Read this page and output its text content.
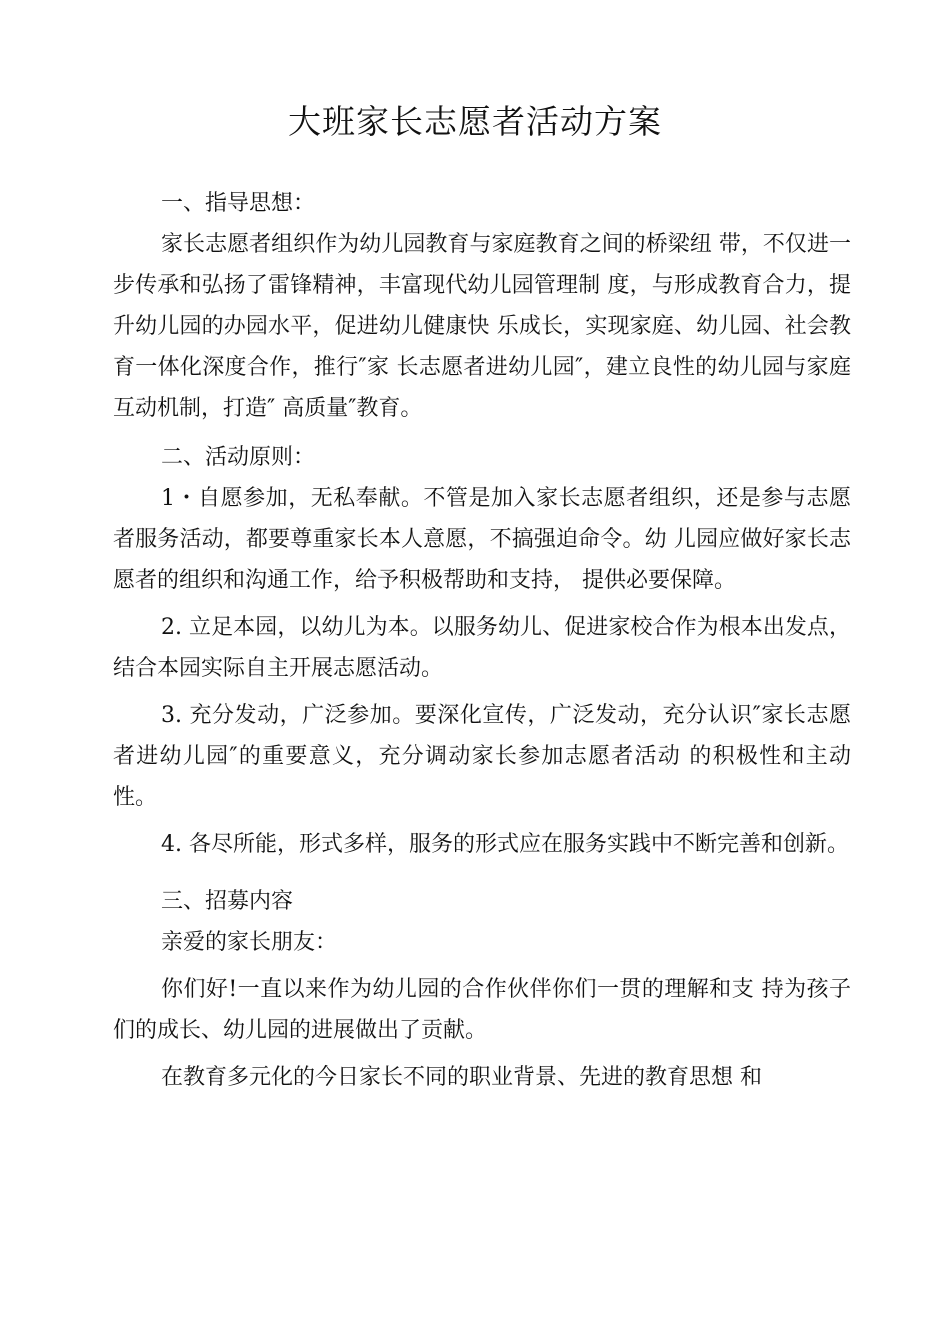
大班家长志愿者活动方案

一、指导思想：

家长志愿者组织作为幼儿园教育与家庭教育之间的桥梁纽 带，不仅进一步传承和弘扬了雷锋精神，丰富现代幼儿园管理制 度，与形成教育合力，提升幼儿园的办园水平，促进幼儿健康快 乐成长，实现家庭、幼儿园、社会教育一体化深度合作，推行″家 长志愿者进幼儿园″，建立良性的幼儿园与家庭互动机制，打造″ 高质量″教育。

二、活动原则：

1・自愿参加，无私奉献。不管是加入家长志愿者组织，还是参与志愿者服务活动，都要尊重家长本人意愿，不搞强迫命令。幼 儿园应做好家长志愿者的组织和沟通工作，给予积极帮助和支持， 提供必要保障。

2. 立足本园，以幼儿为本。以服务幼儿、促进家校合作为根本出发点，结合本园实际自主开展志愿活动。

3. 充分发动，广泛参加。要深化宣传，广泛发动，充分认识″家长志愿者进幼儿园″的重要意义，充分调动家长参加志愿者活动 的积极性和主动性。

4. 各尽所能，形式多样，服务的形式应在服务实践中不断完善和创新。

三、招募内容

亲爱的家长朋友：

你们好!一直以来作为幼儿园的合作伙伴你们一贯的理解和支 持为孩子们的成长、幼儿园的进展做出了贡献。

在教育多元化的今日家长不同的职业背景、先进的教育思想 和
